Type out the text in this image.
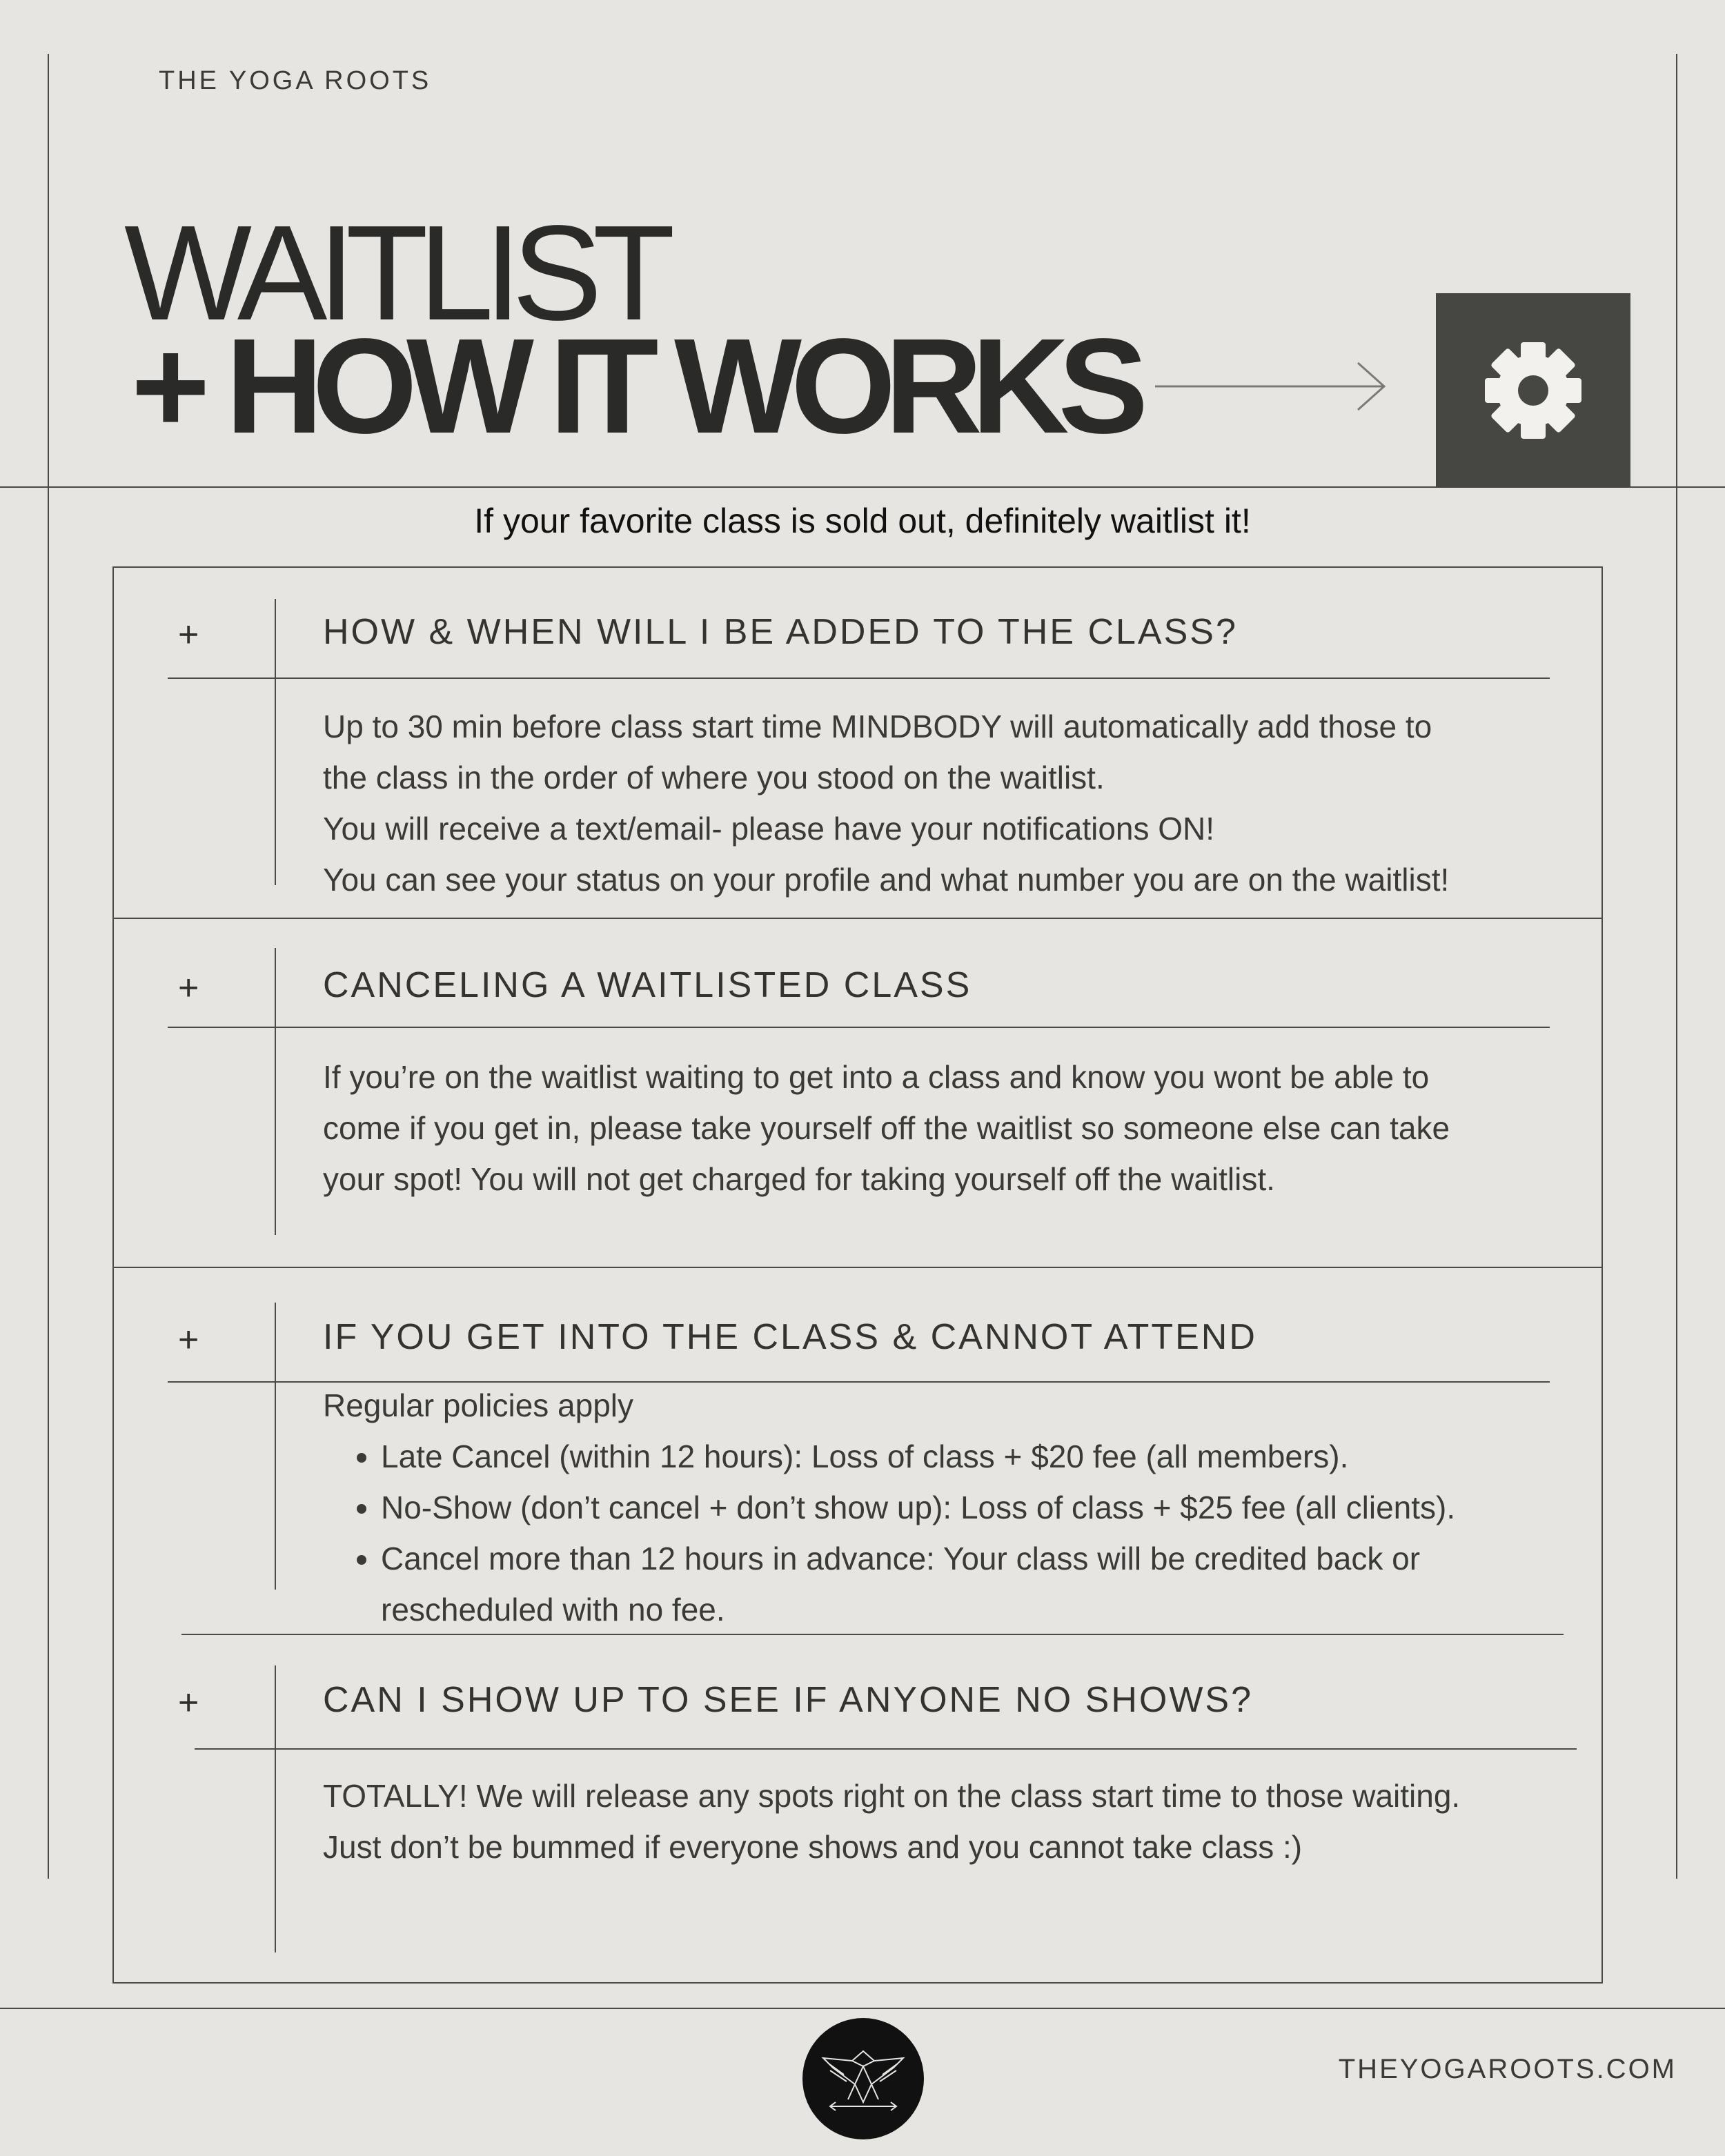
THE YOGA ROOTS
WAITLIST
+ HOW IT WORKS
If your favorite class is sold out, definitely waitlist it!
+	HOW & WHEN WILL I BE ADDED TO THE CLASS?

Up to 30 min before class start time MINDBODY will automatically add those to

the class in the order of where you stood on the waitlist.

You will receive a text/email- please have your notifications ON!

You can see your status on your profile and what number you are on the waitlist!

+	CANCELING A WAITLISTED CLASS

If you’re on the waitlist waiting to get into a class and know you wont be able to

come if you get in, please take yourself off the waitlist so someone else can take

your spot! You will not get charged for taking yourself off the waitlist.

+	IF YOU GET INTO THE CLASS & CANNOT ATTEND

Regular policies apply

• Late Cancel (within 12 hours): Loss of class + $20 fee (all members).
• No-Show (don’t cancel + don’t show up): Loss of class + $25 fee (all clients).
• Cancel more than 12 hours in advance: Your class will be credited back or rescheduled with no fee.
+	CAN I SHOW UP TO SEE IF ANYONE NO SHOWS?

TOTALLY! We will release any spots right on the class start time to those waiting.

Just don’t be bummed if everyone shows and you cannot take class :)

THEYOGAROOTS.COM
